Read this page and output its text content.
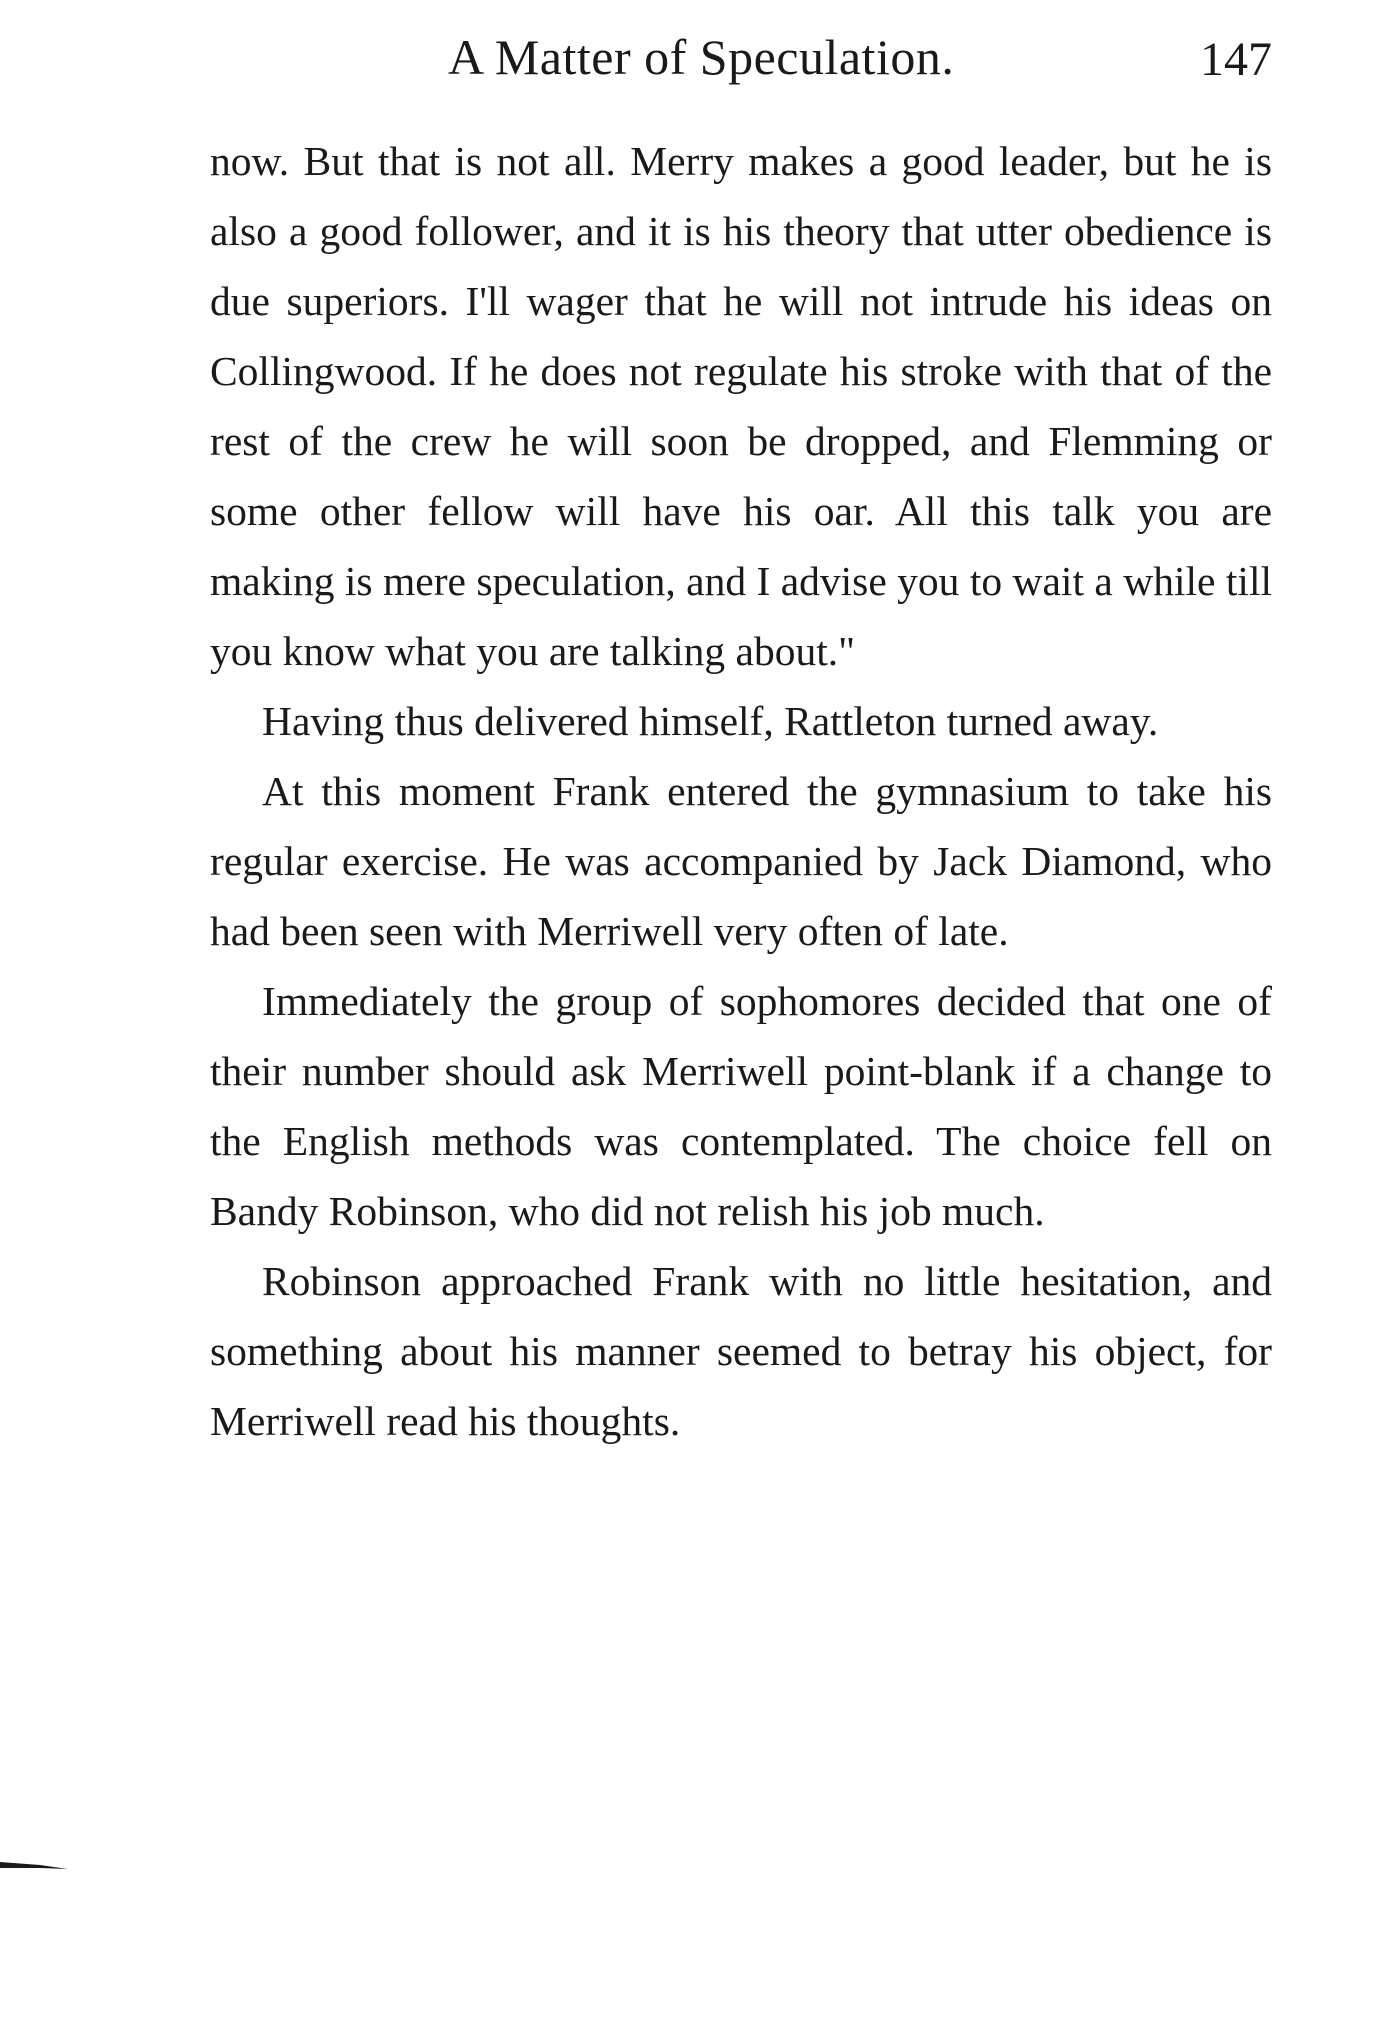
A Matter of Speculation.	147

now. But that is not all. Merry makes a good leader, but he is also a good follower, and it is his theory that utter obedience is due superiors. I'll wager that he will not intrude his ideas on Collingwood. If he does not regulate his stroke with that of the rest of the crew he will soon be dropped, and Flemming or some other fellow will have his oar. All this talk you are making is mere speculation, and I advise you to wait a while till you know what you are talking about."

Having thus delivered himself, Rattleton turned away.

At this moment Frank entered the gymnasium to take his regular exercise. He was accompanied by Jack Diamond, who had been seen with Merriwell very often of late.

Immediately the group of sophomores decided that one of their number should ask Merriwell point-blank if a change to the English methods was contemplated. The choice fell on Bandy Robinson, who did not relish his job much.

Robinson approached Frank with no little hesitation, and something about his manner seemed to betray his object, for Merriwell read his thoughts.
